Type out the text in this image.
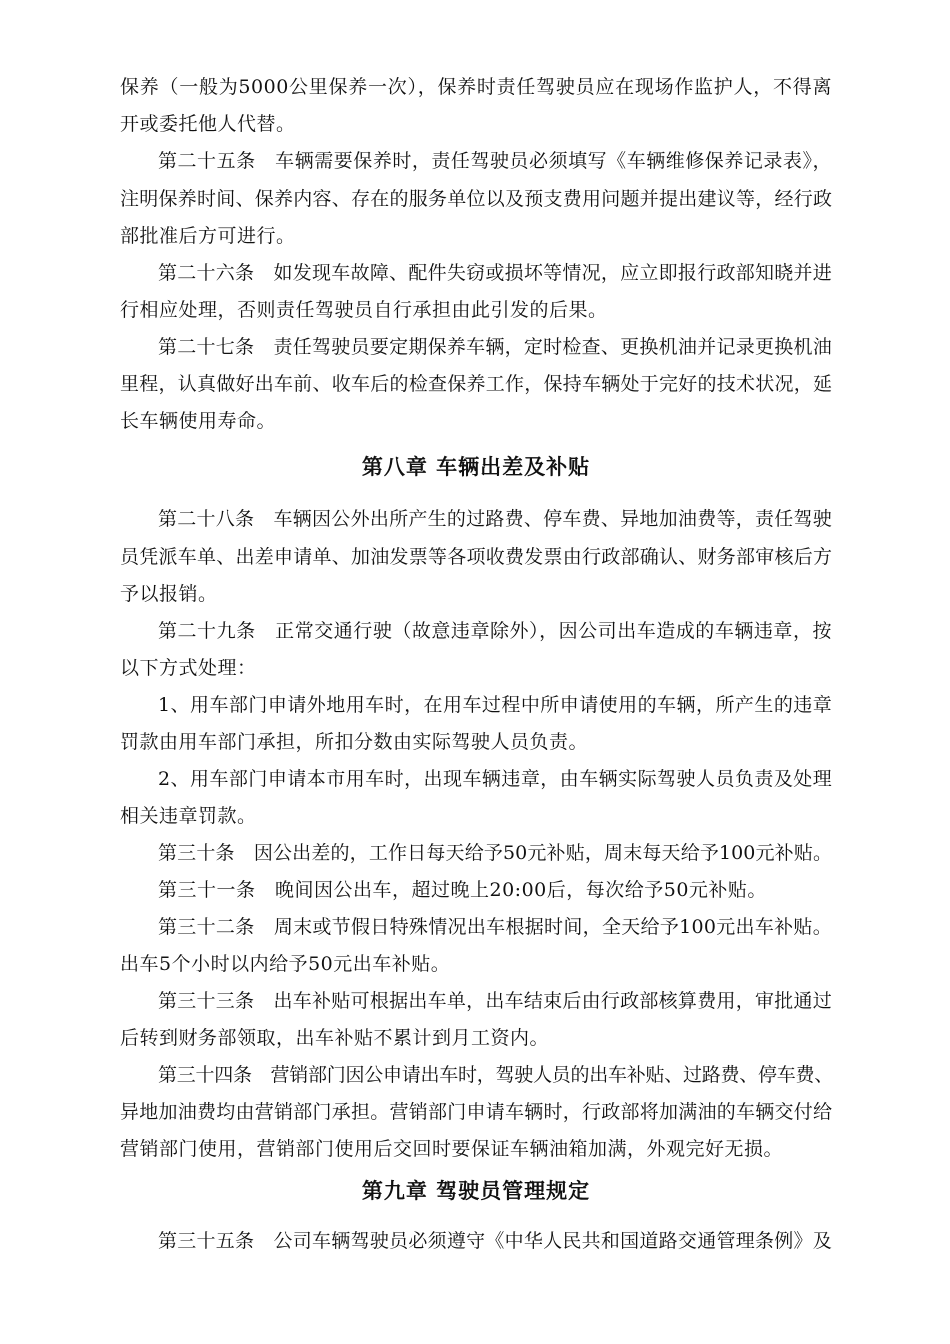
保养（一般为5000公里保养一次），保养时责任驾驶员应在现场作监护人，不得离
开或委托他人代替。
第二十五条　车辆需要保养时，责任驾驶员必须填写《车辆维修保养记录表》，
注明保养时间、保养内容、存在的服务单位以及预支费用问题并提出建议等，经行政
部批准后方可进行。
第二十六条　如发现车故障、配件失窃或损坏等情况，应立即报行政部知晓并进
行相应处理，否则责任驾驶员自行承担由此引发的后果。
第二十七条　责任驾驶员要定期保养车辆，定时检查、更换机油并记录更换机油
里程，认真做好出车前、收车后的检查保养工作，保持车辆处于完好的技术状况，延
长车辆使用寿命。
第八章 车辆出差及补贴
第二十八条　车辆因公外出所产生的过路费、停车费、异地加油费等，责任驾驶
员凭派车单、出差申请单、加油发票等各项收费发票由行政部确认、财务部审核后方
予以报销。
第二十九条　正常交通行驶（故意违章除外），因公司出车造成的车辆违章，按
以下方式处理：
1、用车部门申请外地用车时，在用车过程中所申请使用的车辆，所产生的违章
罚款由用车部门承担，所扣分数由实际驾驶人员负责。
2、用车部门申请本市用车时，出现车辆违章，由车辆实际驾驶人员负责及处理
相关违章罚款。
第三十条　因公出差的，工作日每天给予50元补贴，周末每天给予100元补贴。
第三十一条　晚间因公出车，超过晚上20:00后，每次给予50元补贴。
第三十二条　周末或节假日特殊情况出车根据时间，全天给予100元出车补贴。
出车5个小时以内给予50元出车补贴。
第三十三条　出车补贴可根据出车单，出车结束后由行政部核算费用，审批通过
后转到财务部领取，出车补贴不累计到月工资内。
第三十四条　营销部门因公申请出车时，驾驶人员的出车补贴、过路费、停车费、
异地加油费均由营销部门承担。营销部门申请车辆时，行政部将加满油的车辆交付给
营销部门使用，营销部门使用后交回时要保证车辆油箱加满，外观完好无损。
第九章 驾驶员管理规定
第三十五条　公司车辆驾驶员必须遵守《中华人民共和国道路交通管理条例》及
